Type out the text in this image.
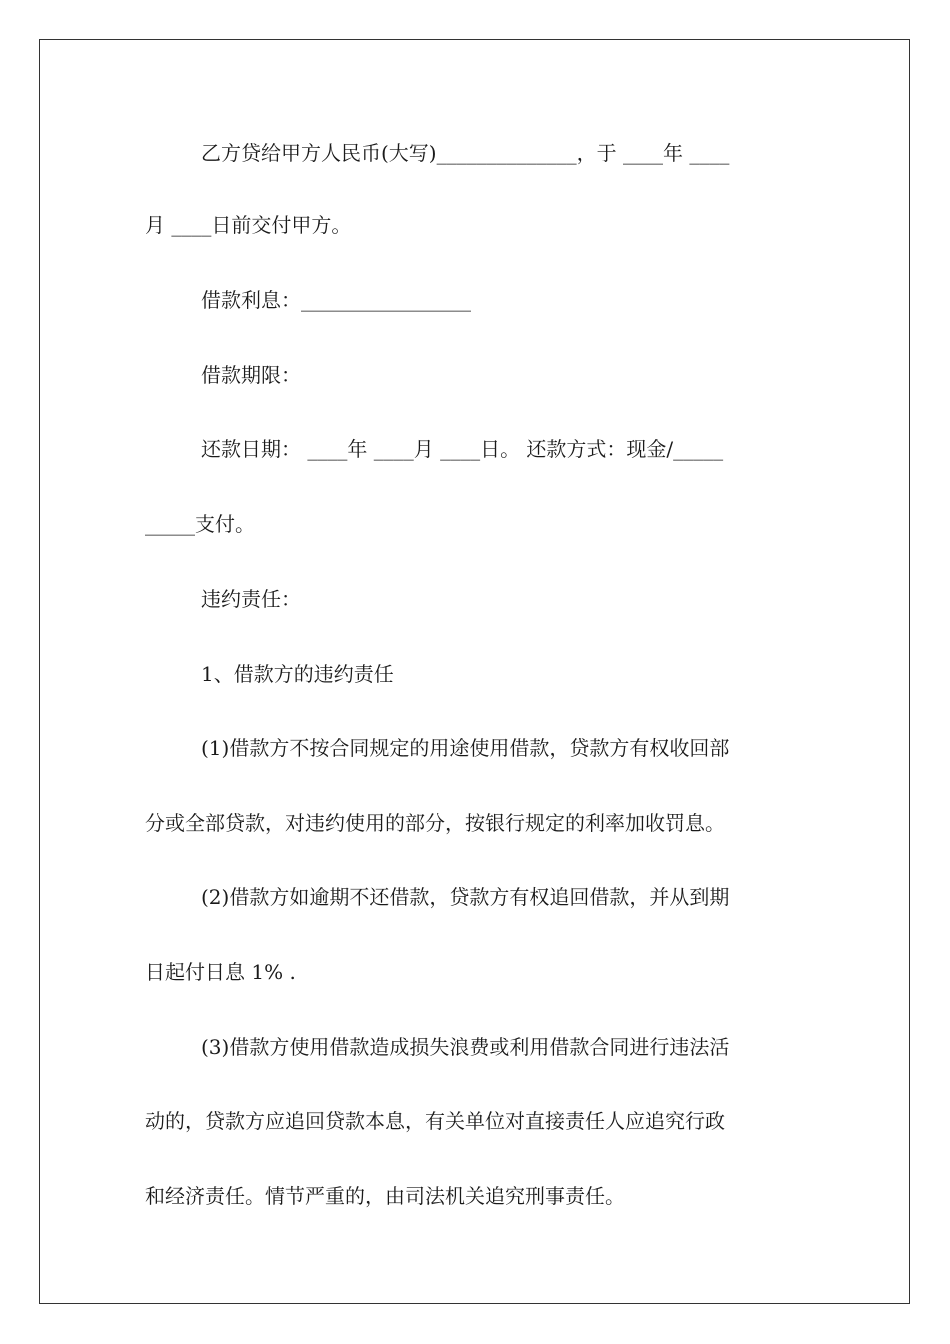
乙方贷给甲方人民币(大写)______________，于 ____年 ____
月 ____日前交付甲方。
借款利息：_________________
借款期限：
还款日期： ____年 ____月 ____日。 还款方式：现金/_____
_____支付。
违约责任：
1、借款方的违约责任
(1)借款方不按合同规定的用途使用借款，贷款方有权收回部
分或全部贷款，对违约使用的部分，按银行规定的利率加收罚息。
(2)借款方如逾期不还借款，贷款方有权追回借款，并从到期
日起付日息 1% .
(3)借款方使用借款造成损失浪费或利用借款合同进行违法活
动的，贷款方应追回贷款本息，有关单位对直接责任人应追究行政
和经济责任。情节严重的，由司法机关追究刑事责任。
